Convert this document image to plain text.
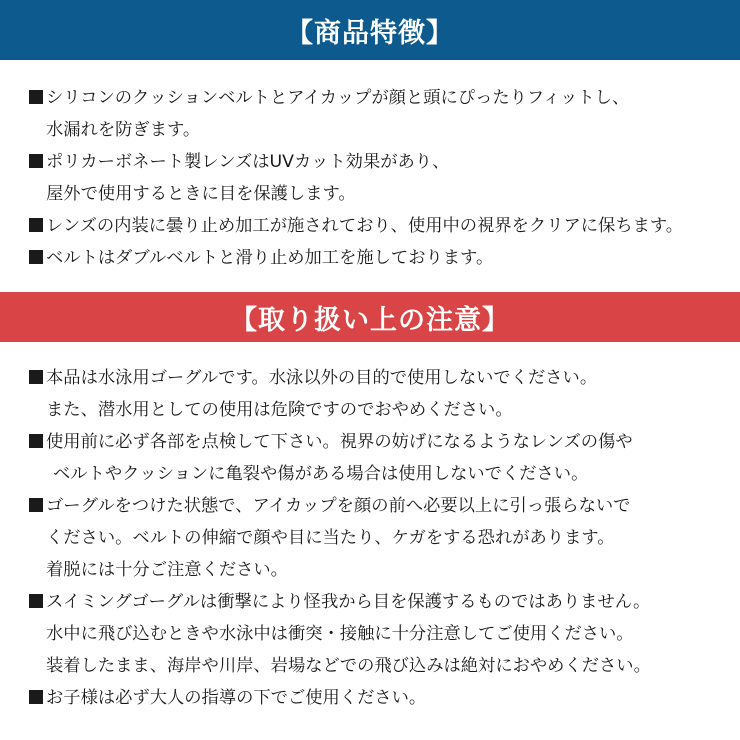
【商品特徴】
シリコンのクッションベルトとアイカップが顔と頭にぴったりフィットし、
水漏れを防ぎます。
ポリカーボネート製レンズはUVカット効果があり、
屋外で使用するときに目を保護します。
レンズの内装に曇り止め加工が施されており、使用中の視界をクリアに保ちます。
ベルトはダブルベルトと滑り止め加工を施しております。
【取り扱い上の注意】
本品は水泳用ゴーグルです。水泳以外の目的で使用しないでください。
また、潜水用としての使用は危険ですのでおやめください。
使用前に必ず各部を点検して下さい。視界の妨げになるようなレンズの傷や
ベルトやクッションに亀裂や傷がある場合は使用しないでください。
ゴーグルをつけた状態で、アイカップを顔の前へ必要以上に引っ張らないで
ください。ベルトの伸縮で顔や目に当たり、ケガをする恐れがあります。
着脱には十分ご注意ください。
スイミングゴーグルは衝撃により怪我から目を保護するものではありません。
水中に飛び込むときや水泳中は衝突・接触に十分注意してご使用ください。
装着したまま、海岸や川岸、岩場などでの飛び込みは絶対におやめください。
お子様は必ず大人の指導の下でご使用ください。
